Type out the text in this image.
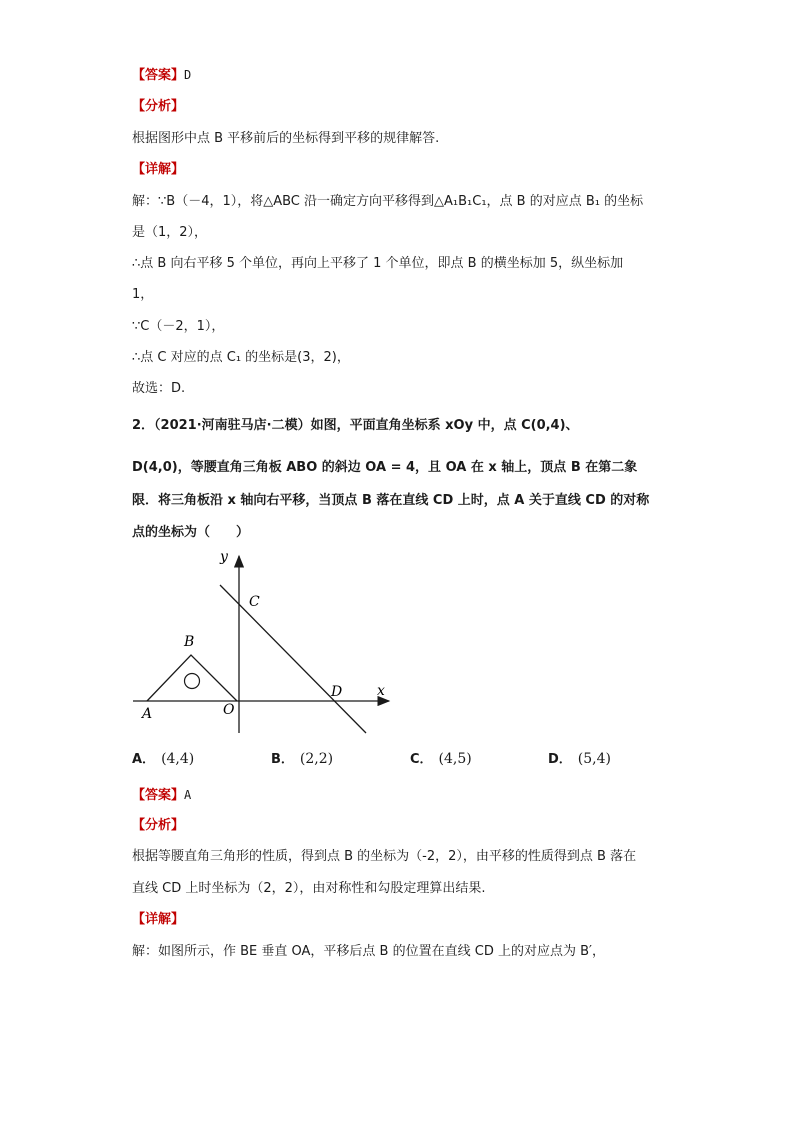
【答案】D
【分析】
根据图形中点 B 平移前后的坐标得到平移的规律解答.
【详解】
解：∵B（－4，1），将△ABC 沿一确定方向平移得到△A₁B₁C₁，点 B 的对应点 B₁ 的坐标
是（1，2），
∴点 B 向右平移 5 个单位，再向上平移了 1 个单位，即点 B 的横坐标加 5，纵坐标加
1，
∵C（－2，1），
∴点 C 对应的点 C₁ 的坐标是(3，2)，
故选：D.
2．（2021·河南驻马店·二模）如图，平面直角坐标系 xOy 中，点 C(0,4)、
D(4,0)，等腰直角三角板 ABO 的斜边 OA = 4，且 OA 在 x 轴上，顶点 B 在第二象
限．将三角板沿 x 轴向右平移，当顶点 B 落在直线 CD 上时，点 A 关于直线 CD 的对称
点的坐标为（　　）
y
C
B
D x
A	O
A． (4,4)	B． (2,2)	C． (4,5)	D． (5,4)
【答案】A
【分析】
根据等腰直角三角形的性质，得到点 B 的坐标为（-2，2），由平移的性质得到点 B 落在
直线 CD 上时坐标为（2，2），由对称性和勾股定理算出结果.
【详解】
解：如图所示，作 BE 垂直 OA，平移后点 B 的位置在直线 CD 上的对应点为 B′，
